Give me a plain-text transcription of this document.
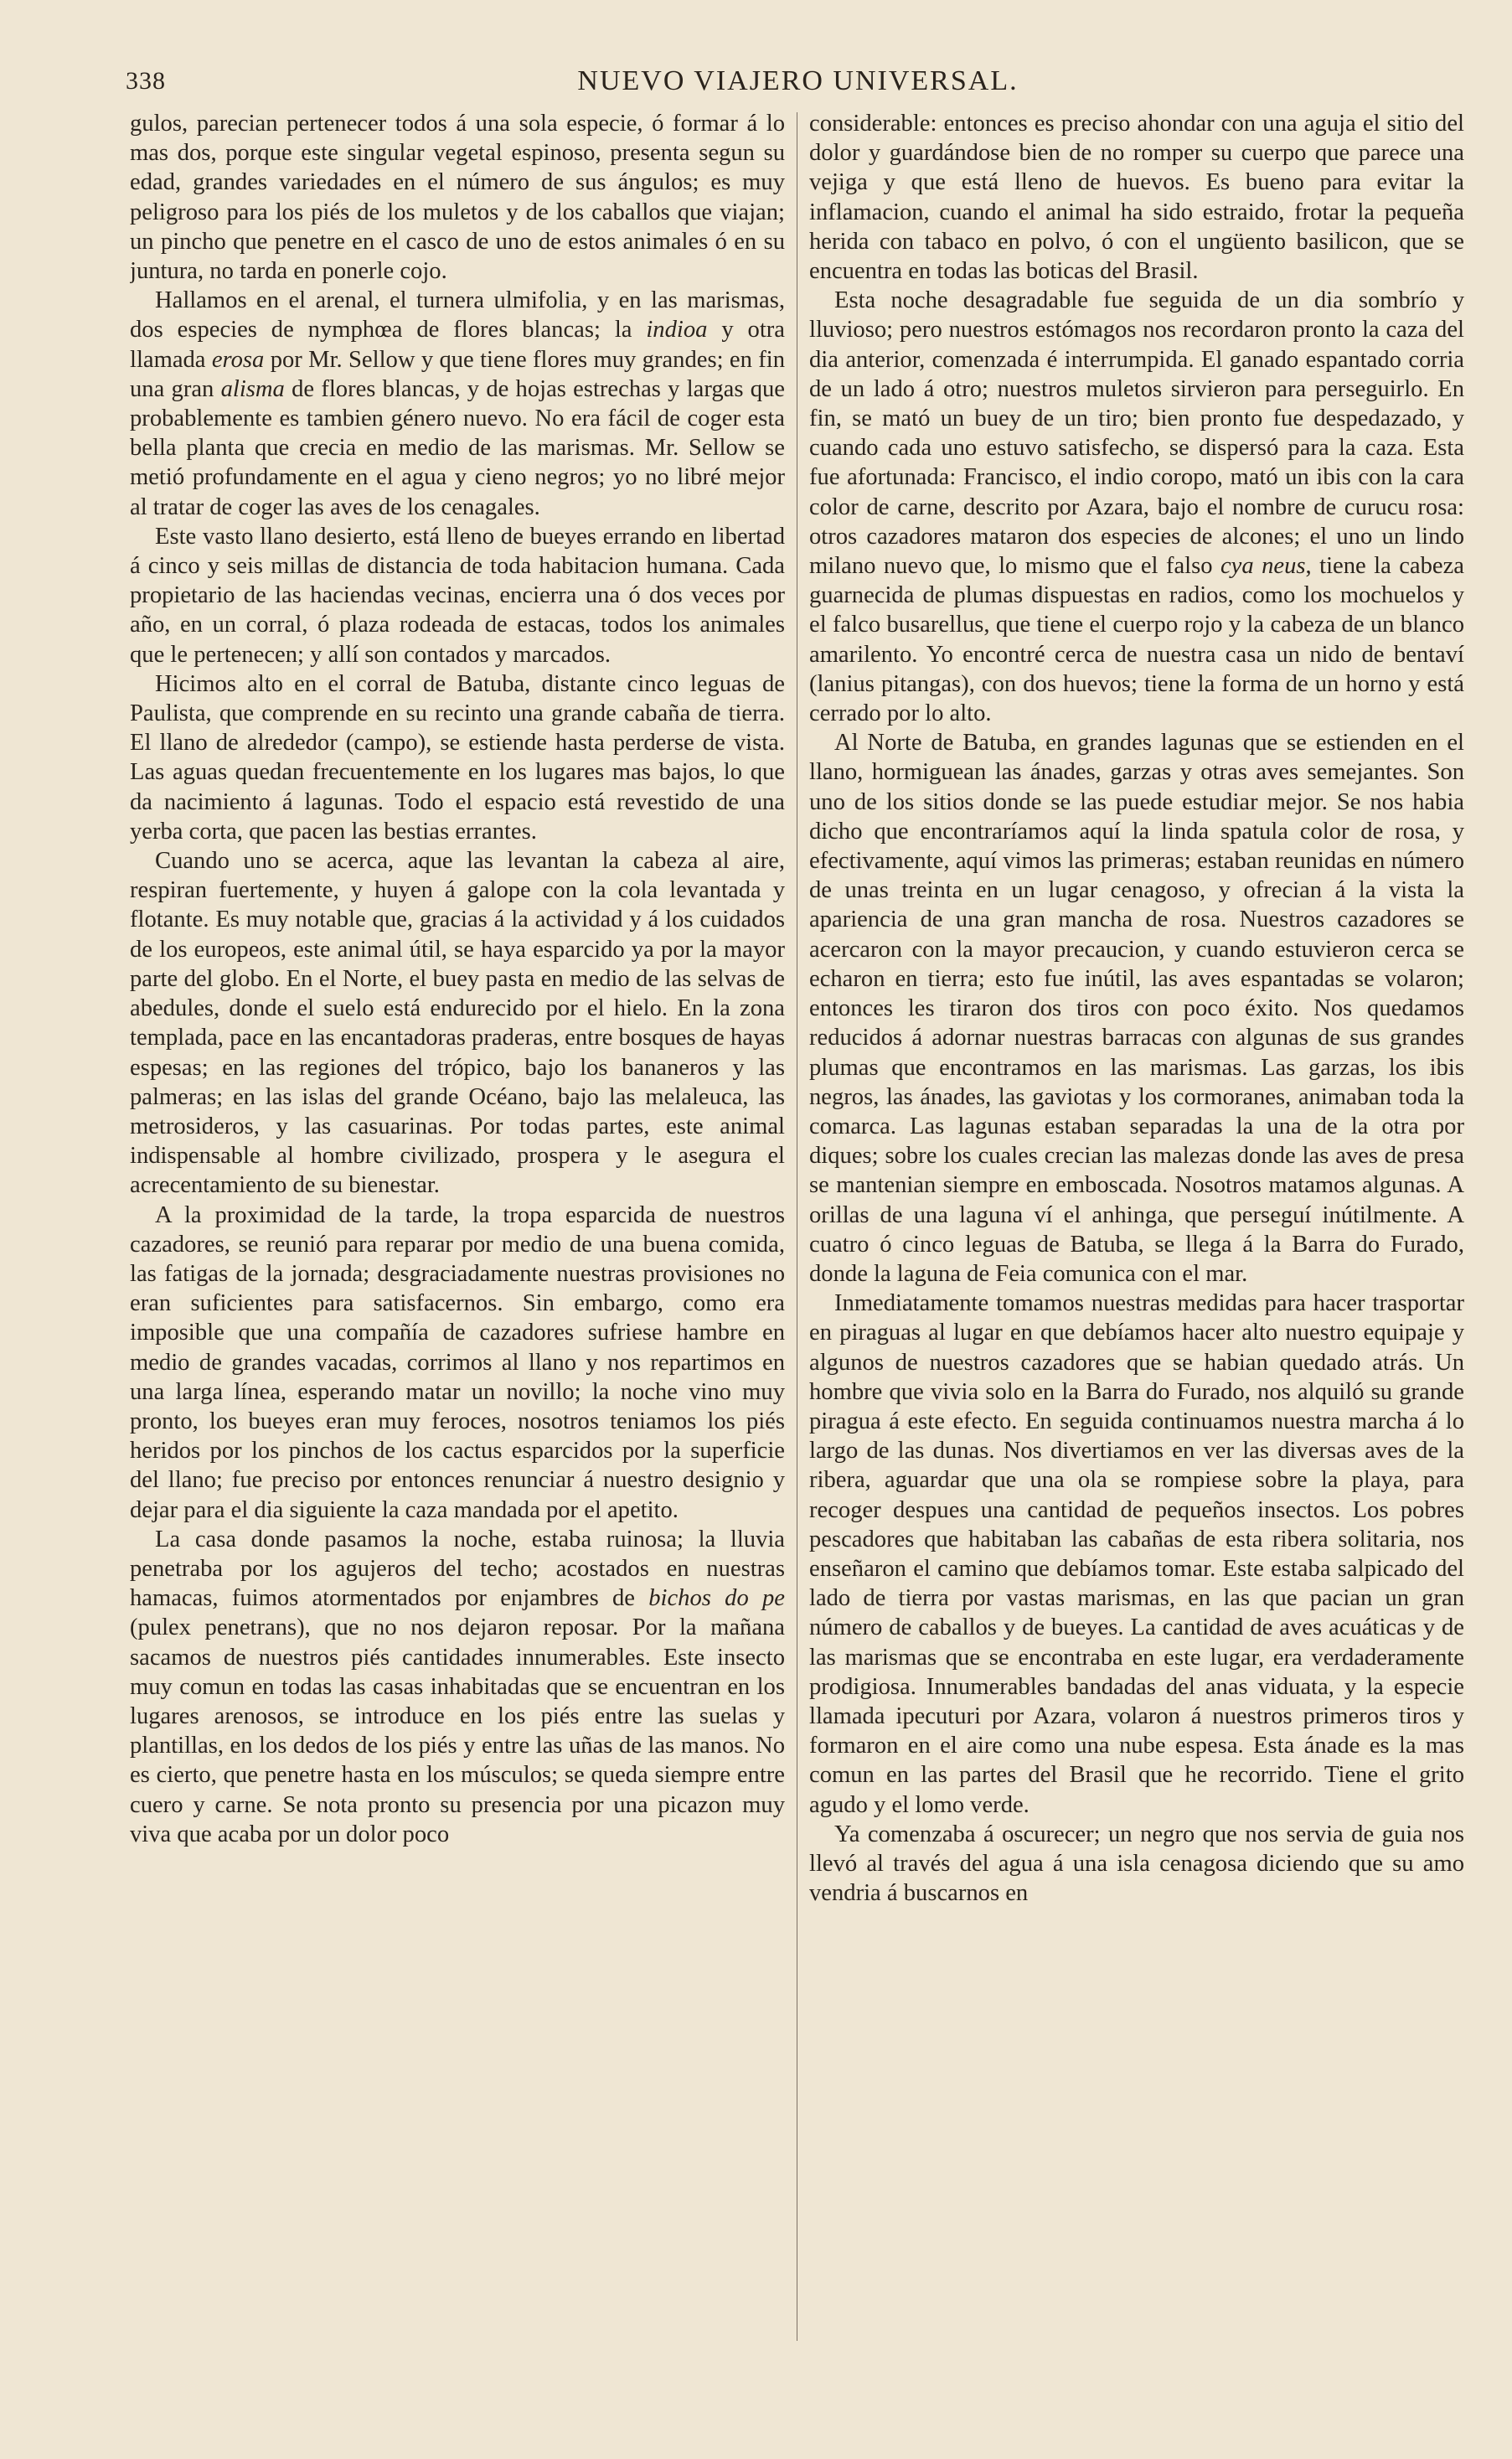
338	NUEVO VIAJERO UNIVERSAL.

gulos, parecian pertenecer todos á una sola especie, ó formar á lo mas dos, porque este singular vegetal espinoso, presenta segun su edad, grandes variedades en el número de sus ángulos; es muy peligroso para los piés de los muletos y de los caballos que viajan; un pincho que penetre en el casco de uno de estos animales ó en su juntura, no tarda en ponerle cojo.

Hallamos en el arenal, el turnera ulmifolia, y en las marismas, dos especies de nymphœa de flores blancas; la indioa y otra llamada erosa por Mr. Sellow y que tiene flores muy grandes; en fin una gran alisma de flores blancas, y de hojas estrechas y largas que probablemente es tambien género nuevo. No era fácil de coger esta bella planta que crecia en medio de las marismas. Mr. Sellow se metió profundamente en el agua y cieno negros; yo no libré mejor al tratar de coger las aves de los cenagales.

Este vasto llano desierto, está lleno de bueyes errando en libertad á cinco y seis millas de distancia de toda habitacion humana. Cada propietario de las haciendas vecinas, encierra una ó dos veces por año, en un corral, ó plaza rodeada de estacas, todos los animales que le pertenecen; y allí son contados y marcados.

Hicimos alto en el corral de Batuba, distante cinco leguas de Paulista, que comprende en su recinto una grande cabaña de tierra. El llano de alrededor (campo), se estiende hasta perderse de vista. Las aguas quedan frecuentemente en los lugares mas bajos, lo que da nacimiento á lagunas. Todo el espacio está revestido de una yerba corta, que pacen las bestias errantes.

Cuando uno se acerca, aque las levantan la cabeza al aire, respiran fuertemente, y huyen á galope con la cola levantada y flotante. Es muy notable que, gracias á la actividad y á los cuidados de los europeos, este animal útil, se haya esparcido ya por la mayor parte del globo. En el Norte, el buey pasta en medio de las selvas de abedules, donde el suelo está endurecido por el hielo. En la zona templada, pace en las encantadoras praderas, entre bosques de hayas espesas; en las regiones del trópico, bajo los bananeros y las palmeras; en las islas del grande Océano, bajo las melaleuca, las metrosideros, y las casuarinas. Por todas partes, este animal indispensable al hombre civilizado, prospera y le asegura el acrecentamiento de su bienestar.

A la proximidad de la tarde, la tropa esparcida de nuestros cazadores, se reunió para reparar por medio de una buena comida, las fatigas de la jornada; desgraciadamente nuestras provisiones no eran suficientes para satisfacernos. Sin embargo, como era imposible que una compañía de cazadores sufriese hambre en medio de grandes vacadas, corrimos al llano y nos repartimos en una larga línea, esperando matar un novillo; la noche vino muy pronto, los bueyes eran muy feroces, nosotros teniamos los piés heridos por los pinchos de los cactus esparcidos por la superficie del llano; fue preciso por entonces renunciar á nuestro designio y dejar para el dia siguiente la caza mandada por el apetito.

La casa donde pasamos la noche, estaba ruinosa; la lluvia penetraba por los agujeros del techo; acostados en nuestras hamacas, fuimos atormentados por enjambres de bichos do pe (pulex penetrans), que no nos dejaron reposar. Por la mañana sacamos de nuestros piés cantidades innumerables. Este insecto muy comun en todas las casas inhabitadas que se encuentran en los lugares arenosos, se introduce en los piés entre las suelas y plantillas, en los dedos de los piés y entre las uñas de las manos. No es cierto, que penetre hasta en los músculos; se queda siempre entre cuero y carne. Se nota pronto su presencia por una picazon muy viva que acaba por un dolor poco

considerable: entonces es preciso ahondar con una aguja el sitio del dolor y guardándose bien de no romper su cuerpo que parece una vejiga y que está lleno de huevos. Es bueno para evitar la inflamacion, cuando el animal ha sido estraido, frotar la pequeña herida con tabaco en polvo, ó con el ungüento basilicon, que se encuentra en todas las boticas del Brasil.

Esta noche desagradable fue seguida de un dia sombrío y lluvioso; pero nuestros estómagos nos recordaron pronto la caza del dia anterior, comenzada é interrumpida. El ganado espantado corria de un lado á otro; nuestros muletos sirvieron para perseguirlo. En fin, se mató un buey de un tiro; bien pronto fue despedazado, y cuando cada uno estuvo satisfecho, se dispersó para la caza. Esta fue afortunada: Francisco, el indio coropo, mató un ibis con la cara color de carne, descrito por Azara, bajo el nombre de curucu rosa: otros cazadores mataron dos especies de alcones; el uno un lindo milano nuevo que, lo mismo que el falso cya neus, tiene la cabeza guarnecida de plumas dispuestas en radios, como los mochuelos y el falco busarellus, que tiene el cuerpo rojo y la cabeza de un blanco amarilento. Yo encontré cerca de nuestra casa un nido de bentaví (lanius pitangas), con dos huevos; tiene la forma de un horno y está cerrado por lo alto.

Al Norte de Batuba, en grandes lagunas que se estienden en el llano, hormiguean las ánades, garzas y otras aves semejantes. Son uno de los sitios donde se las puede estudiar mejor. Se nos habia dicho que encontraríamos aquí la linda spatula color de rosa, y efectivamente, aquí vimos las primeras; estaban reunidas en número de unas treinta en un lugar cenagoso, y ofrecian á la vista la apariencia de una gran mancha de rosa. Nuestros cazadores se acercaron con la mayor precaucion, y cuando estuvieron cerca se echaron en tierra; esto fue inútil, las aves espantadas se volaron; entonces les tiraron dos tiros con poco éxito. Nos quedamos reducidos á adornar nuestras barracas con algunas de sus grandes plumas que encontramos en las marismas. Las garzas, los ibis negros, las ánades, las gaviotas y los cormoranes, animaban toda la comarca. Las lagunas estaban separadas la una de la otra por diques; sobre los cuales crecian las malezas donde las aves de presa se mantenian siempre en emboscada. Nosotros matamos algunas. A orillas de una laguna ví el anhinga, que perseguí inútilmente. A cuatro ó cinco leguas de Batuba, se llega á la Barra do Furado, donde la laguna de Feia comunica con el mar.

Inmediatamente tomamos nuestras medidas para hacer trasportar en piraguas al lugar en que debíamos hacer alto nuestro equipaje y algunos de nuestros cazadores que se habian quedado atrás. Un hombre que vivia solo en la Barra do Furado, nos alquiló su grande piragua á este efecto. En seguida continuamos nuestra marcha á lo largo de las dunas. Nos divertiamos en ver las diversas aves de la ribera, aguardar que una ola se rompiese sobre la playa, para recoger despues una cantidad de pequeños insectos. Los pobres pescadores que habitaban las cabañas de esta ribera solitaria, nos enseñaron el camino que debíamos tomar. Este estaba salpicado del lado de tierra por vastas marismas, en las que pacian un gran número de caballos y de bueyes. La cantidad de aves acuáticas y de las marismas que se encontraba en este lugar, era verdaderamente prodigiosa. Innumerables bandadas del anas viduata, y la especie llamada ipecuturi por Azara, volaron á nuestros primeros tiros y formaron en el aire como una nube espesa. Esta ánade es la mas comun en las partes del Brasil que he recorrido. Tiene el grito agudo y el lomo verde.

Ya comenzaba á oscurecer; un negro que nos servia de guia nos llevó al través del agua á una isla cenagosa diciendo que su amo vendria á buscarnos en
